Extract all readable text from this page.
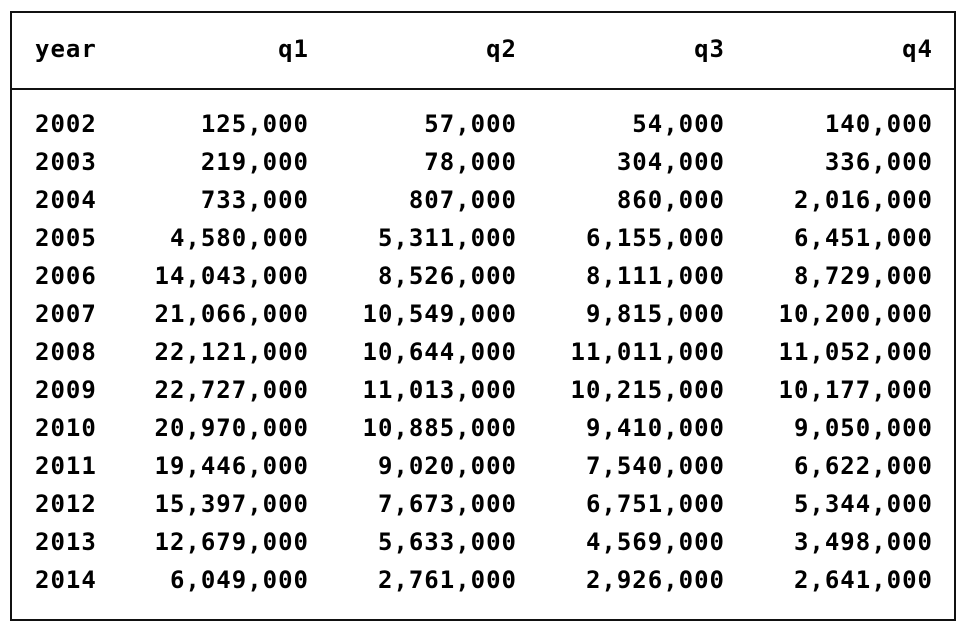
year	q1	q2	q3	q4
2002	125,000	57,000	54,000	140,000
2003	219,000	78,000	304,000	336,000
2004	733,000	807,000	860,000	2,016,000
2005	4,580,000	5,311,000	6,155,000	6,451,000
2006 14,043,000	8,526,000	8,111,000	8,729,000
2007 21,066,000 10,549,000	9,815,000 10,200,000
2008 22,121,000 10,644,000 11,011,000 11,052,000
2009 22,727,000 11,013,000 10,215,000 10,177,000
2010 20,970,000 10,885,000	9,410,000	9,050,000
2011 19,446,000	9,020,000	7,540,000	6,622,000
2012 15,397,000	7,673,000	6,751,000	5,344,000
2013 12,679,000	5,633,000	4,569,000	3,498,000
2014	6,049,000	2,761,000	2,926,000	2,641,000
